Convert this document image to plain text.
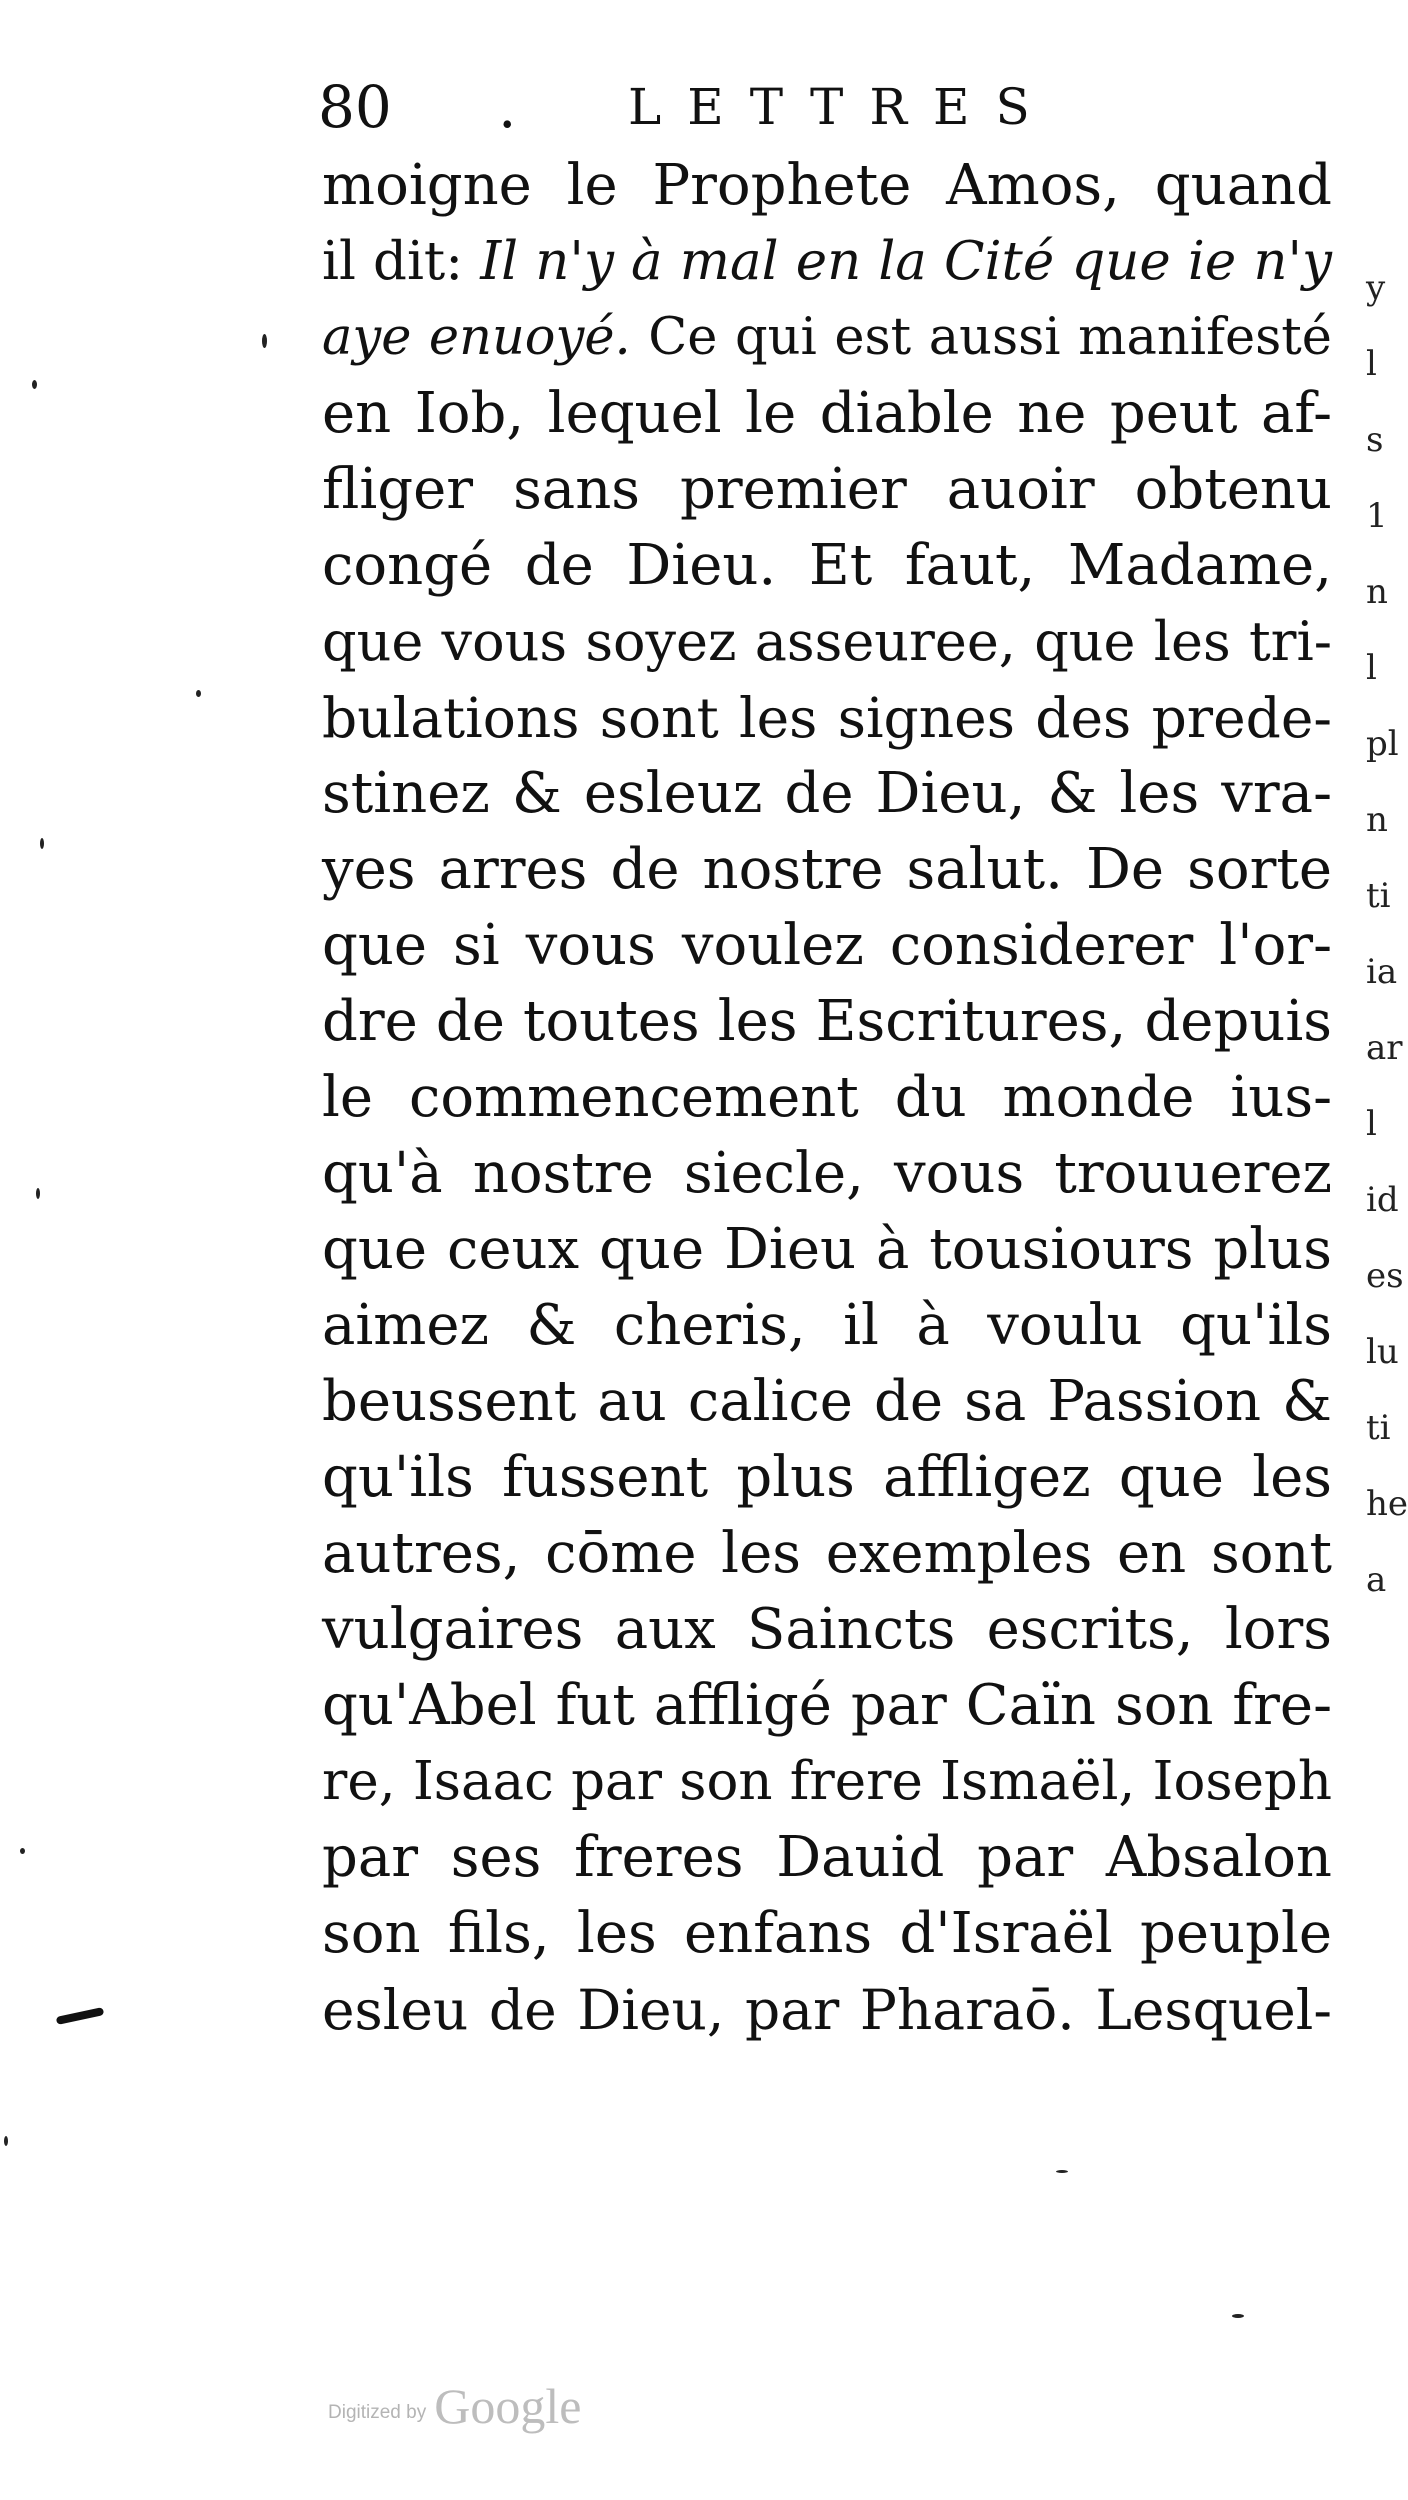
80 . LETTRES
moigne le Prophete Amos, quand
il dit: Il n'y à mal en la Cité que ie n'y
aye enuoyé. Ce qui est aussi manifesté
en Iob, lequel le diable ne peut af-
fliger sans premier auoir obtenu
congé de Dieu. Et faut, Madame,
que vous soyez asseuree, que les tri-
bulations sont les signes des prede-
stinez & esleuz de Dieu, & les vra-
yes arres de nostre salut. De sorte
que si vous voulez considerer l'or-
dre de toutes les Escritures, depuis
le commencement du monde ius-
qu'à nostre siecle, vous trouuerez
que ceux que Dieu à tousiours plus
aimez & cheris, il à voulu qu'ils
beussent au calice de sa Passion &
qu'ils fussent plus affligez que les
autres, cōme les exemples en sont
vulgaires aux Saincts escrits, lors
qu'Abel fut affligé par Caïn son fre-
re, Isaac par son frere Ismaël, Ioseph
par ses freres Dauid par Absalon
son fils, les enfans d'Israël peuple
esleu de Dieu, par Pharaō. Lesquel-
y
l
s
1
n
l
pl
n
ti
ia
ar
l
id
es
lu
ti
he
a
Digitized by Google
